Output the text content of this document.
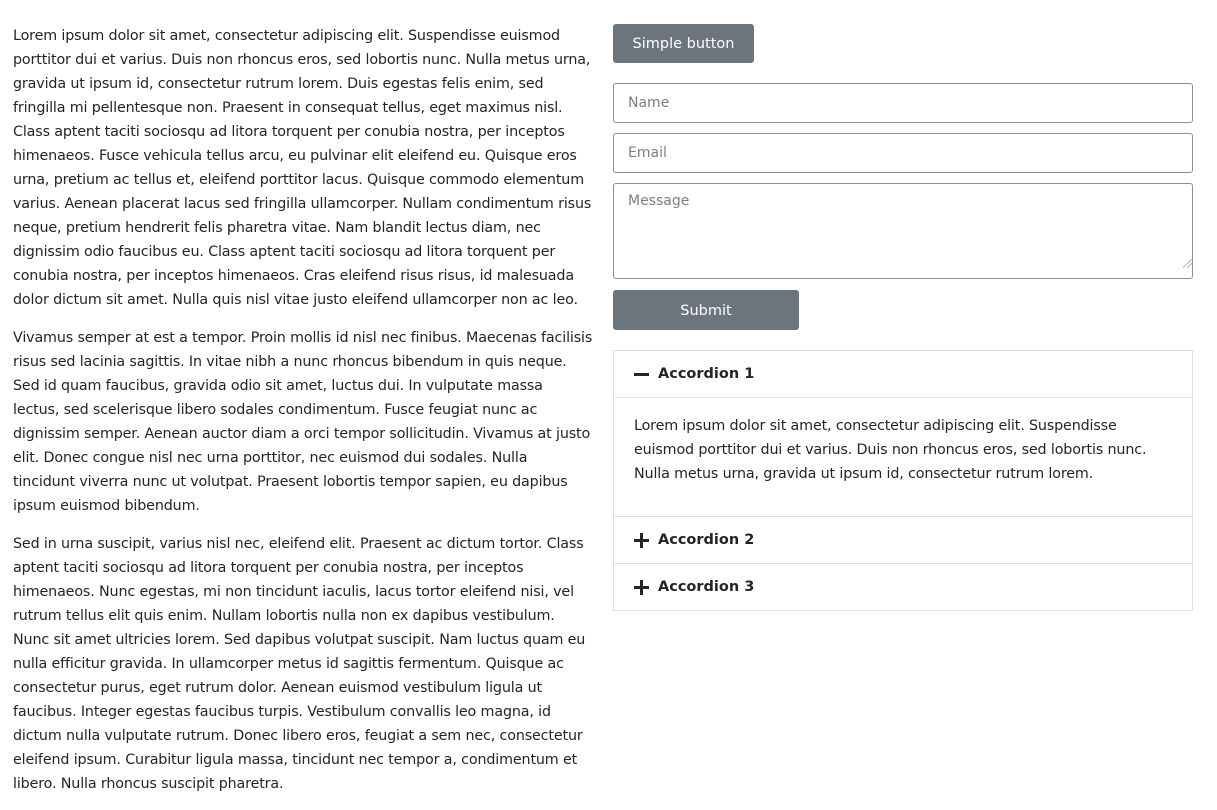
Lorem ipsum dolor sit amet, consectetur adipiscing elit. Suspendisse euismod porttitor dui et varius. Duis non rhoncus eros, sed lobortis nunc. Nulla metus urna, gravida ut ipsum id, consectetur rutrum lorem. Duis egestas felis enim, sed fringilla mi pellentesque non. Praesent in consequat tellus, eget maximus nisl. Class aptent taciti sociosqu ad litora torquent per conubia nostra, per inceptos himenaeos. Fusce vehicula tellus arcu, eu pulvinar elit eleifend eu. Quisque eros urna, pretium ac tellus et, eleifend porttitor lacus. Quisque commodo elementum varius. Aenean placerat lacus sed fringilla ullamcorper. Nullam condimentum risus neque, pretium hendrerit felis pharetra vitae. Nam blandit lectus diam, nec dignissim odio faucibus eu. Class aptent taciti sociosqu ad litora torquent per conubia nostra, per inceptos himenaeos. Cras eleifend risus risus, id malesuada dolor dictum sit amet. Nulla quis nisl vitae justo eleifend ullamcorper non ac leo.

Vivamus semper at est a tempor. Proin mollis id nisl nec finibus. Maecenas facilisis risus sed lacinia sagittis. In vitae nibh a nunc rhoncus bibendum in quis neque. Sed id quam faucibus, gravida odio sit amet, luctus dui. In vulputate massa lectus, sed scelerisque libero sodales condimentum. Fusce feugiat nunc ac dignissim semper. Aenean auctor diam a orci tempor sollicitudin. Vivamus at justo elit. Donec congue nisl nec urna porttitor, nec euismod dui sodales. Nulla tincidunt viverra nunc ut volutpat. Praesent lobortis tempor sapien, eu dapibus ipsum euismod bibendum.

Sed in urna suscipit, varius nisl nec, eleifend elit. Praesent ac dictum tortor. Class aptent taciti sociosqu ad litora torquent per conubia nostra, per inceptos himenaeos. Nunc egestas, mi non tincidunt iaculis, lacus tortor eleifend nisi, vel rutrum tellus elit quis enim. Nullam lobortis nulla non ex dapibus vestibulum. Nunc sit amet ultricies lorem. Sed dapibus volutpat suscipit. Nam luctus quam eu nulla efficitur gravida. In ullamcorper metus id sagittis fermentum. Quisque ac consectetur purus, eget rutrum dolor. Aenean euismod vestibulum ligula ut faucibus. Integer egestas faucibus turpis. Vestibulum convallis leo magna, id dictum nulla vulputate rutrum. Donec libero eros, feugiat a sem nec, consectetur eleifend ipsum. Curabitur ligula massa, tincidunt nec tempor a, condimentum et libero. Nulla rhoncus suscipit pharetra.

Simple button
Name
Email
Message
Submit
Accordion 1
Lorem ipsum dolor sit amet, consectetur adipiscing elit. Suspendisse euismod porttitor dui et varius. Duis non rhoncus eros, sed lobortis nunc. Nulla metus urna, gravida ut ipsum id, consectetur rutrum lorem.
Accordion 2
Accordion 3
